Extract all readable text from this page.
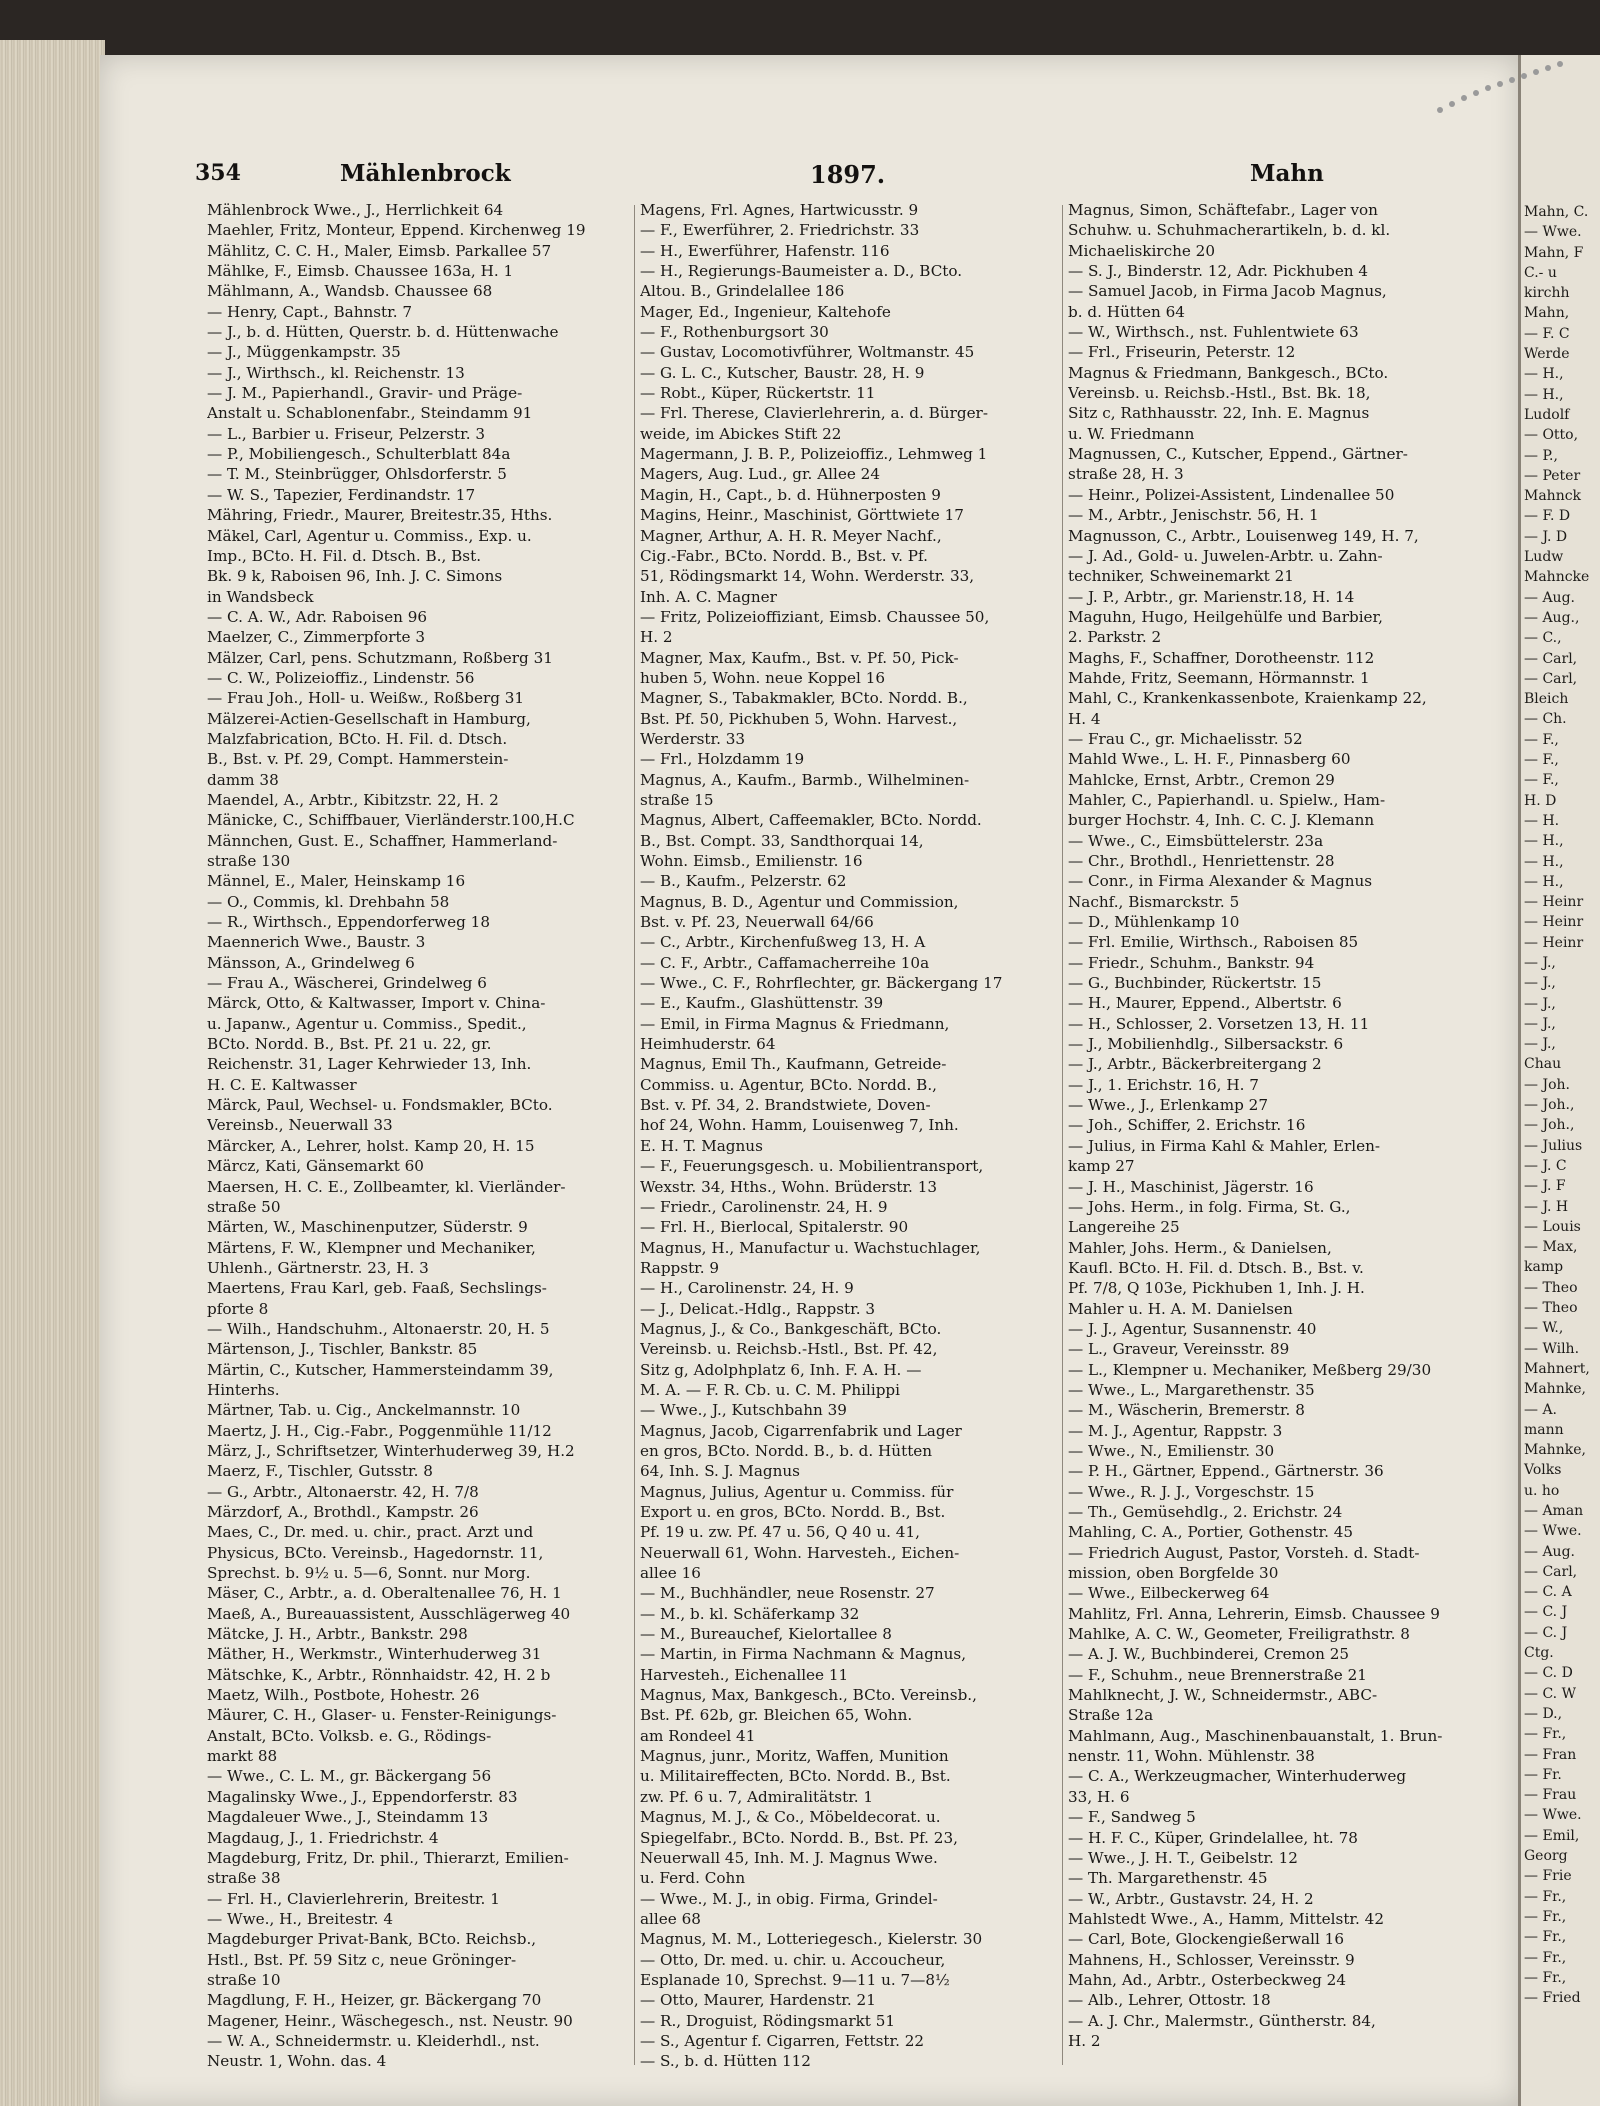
Mahn, C.
— Wwe.
Mahn, F
C.- u
kirchh
Mahn,
— F. C
Werde
— H.,
— H.,
Ludolf
— Otto,
— P.,
— Peter
Mahnck
— F. D
— J. D
Ludw
Mahncke
— Aug.
— Aug.,
— C.,
— Carl,
— Carl,
Bleich
— Ch.
— F.,
— F.,
— F.,
H. D
— H.
— H.,
— H.,
— H.,
— Heinr
— Heinr
— Heinr
— J.,
— J.,
— J.,
— J.,
— J.,
Chau
— Joh.
— Joh.,
— Joh.,
— Julius
— J. C
— J. F
— J. H
— Louis
— Max,
kamp
— Theo
— Theo
— W.,
— Wilh.
Mahnert,
Mahnke,
— A.
mann
Mahnke,
Volks
u. ho
— Aman
— Wwe.
— Aug.
— Carl,
— C. A
— C. J
— C. J
Ctg.
— C. D
— C. W
— D.,
— Fr.,
— Fran
— Fr.
— Frau
— Wwe.
— Emil,
Georg
— Frie
— Fr.,
— Fr.,
— Fr.,
— Fr.,
— Fr.,
— Fried
354	Mählenbrock	1897.	Mahn
Mählenbrock Wwe., J., Herrlichkeit 64
Maehler, Fritz, Monteur, Eppend. Kirchenweg 19
Mählitz, C. C. H., Maler, Eimsb. Parkallee 57
Mählke, F., Eimsb. Chaussee 163a, H. 1
Mählmann, A., Wandsb. Chaussee 68
— Henry, Capt., Bahnstr. 7
— J., b. d. Hütten, Querstr. b. d. Hüttenwache
— J., Müggenkampstr. 35
— J., Wirthsch., kl. Reichenstr. 13
— J. M., Papierhandl., Gravir- und Präge-
Anstalt u. Schablonenfabr., Steindamm 91
— L., Barbier u. Friseur, Pelzerstr. 3
— P., Mobiliengesch., Schulterblatt 84a
— T. M., Steinbrügger, Ohlsdorferstr. 5
— W. S., Tapezier, Ferdinandstr. 17
Mähring, Friedr., Maurer, Breitestr.35, Hths.
Mäkel, Carl, Agentur u. Commiss., Exp. u.
Imp., BCto. H. Fil. d. Dtsch. B., Bst.
Bk. 9 k, Raboisen 96, Inh. J. C. Simons
in Wandsbeck
— C. A. W., Adr. Raboisen 96
Maelzer, C., Zimmerpforte 3
Mälzer, Carl, pens. Schutzmann, Roßberg 31
— C. W., Polizeioffiz., Lindenstr. 56
— Frau Joh., Holl- u. Weißw., Roßberg 31
Mälzerei-Actien-Gesellschaft in Hamburg,
Malzfabrication, BCto. H. Fil. d. Dtsch.
B., Bst. v. Pf. 29, Compt. Hammerstein-
damm 38
Maendel, A., Arbtr., Kibitzstr. 22, H. 2
Mänicke, C., Schiffbauer, Vierländerstr.100,H.C
Männchen, Gust. E., Schaffner, Hammerland-
straße 130
Männel, E., Maler, Heinskamp 16
— O., Commis, kl. Drehbahn 58
— R., Wirthsch., Eppendorferweg 18
Maennerich Wwe., Baustr. 3
Mänsson, A., Grindelweg 6
— Frau A., Wäscherei, Grindelweg 6
Märck, Otto, & Kaltwasser, Import v. China-
u. Japanw., Agentur u. Commiss., Spedit.,
BCto. Nordd. B., Bst. Pf. 21 u. 22, gr.
Reichenstr. 31, Lager Kehrwieder 13, Inh.
H. C. E. Kaltwasser
Märck, Paul, Wechsel- u. Fondsmakler, BCto.
Vereinsb., Neuerwall 33
Märcker, A., Lehrer, holst. Kamp 20, H. 15
Märcz, Kati, Gänsemarkt 60
Maersen, H. C. E., Zollbeamter, kl. Vierländer-
straße 50
Märten, W., Maschinenputzer, Süderstr. 9
Märtens, F. W., Klempner und Mechaniker,
Uhlenh., Gärtnerstr. 23, H. 3
Maertens, Frau Karl, geb. Faaß, Sechslings-
pforte 8
— Wilh., Handschuhm., Altonaerstr. 20, H. 5
Märtenson, J., Tischler, Bankstr. 85
Märtin, C., Kutscher, Hammersteindamm 39,
Hinterhs.
Märtner, Tab. u. Cig., Anckelmannstr. 10
Maertz, J. H., Cig.-Fabr., Poggenmühle 11/12
März, J., Schriftsetzer, Winterhuderweg 39, H.2
Maerz, F., Tischler, Gutsstr. 8
— G., Arbtr., Altonaerstr. 42, H. 7/8
Märzdorf, A., Brothdl., Kampstr. 26
Maes, C., Dr. med. u. chir., pract. Arzt und
Physicus, BCto. Vereinsb., Hagedornstr. 11,
Sprechst. b. 9½ u. 5—6, Sonnt. nur Morg.
Mäser, C., Arbtr., a. d. Oberaltenallee 76, H. 1
Maeß, A., Bureauassistent, Ausschlägerweg 40
Mätcke, J. H., Arbtr., Bankstr. 298
Mäther, H., Werkmstr., Winterhuderweg 31
Mätschke, K., Arbtr., Rönnhaidstr. 42, H. 2 b
Maetz, Wilh., Postbote, Hohestr. 26
Mäurer, C. H., Glaser- u. Fenster-Reinigungs-
Anstalt, BCto. Volksb. e. G., Rödings-
markt 88
— Wwe., C. L. M., gr. Bäckergang 56
Magalinsky Wwe., J., Eppendorferstr. 83
Magdaleuer Wwe., J., Steindamm 13
Magdaug, J., 1. Friedrichstr. 4
Magdeburg, Fritz, Dr. phil., Thierarzt, Emilien-
straße 38
— Frl. H., Clavierlehrerin, Breitestr. 1
— Wwe., H., Breitestr. 4
Magdeburger Privat-Bank, BCto. Reichsb.,
Hstl., Bst. Pf. 59 Sitz c, neue Gröninger-
straße 10
Magdlung, F. H., Heizer, gr. Bäckergang 70
Magener, Heinr., Wäschegesch., nst. Neustr. 90
— W. A., Schneidermstr. u. Kleiderhdl., nst.
Neustr. 1, Wohn. das. 4
Magens, Frl. Agnes, Hartwicusstr. 9
— F., Ewerführer, 2. Friedrichstr. 33
— H., Ewerführer, Hafenstr. 116
— H., Regierungs-Baumeister a. D., BCto.
Altou. B., Grindelallee 186
Mager, Ed., Ingenieur, Kaltehofe
— F., Rothenburgsort 30
— Gustav, Locomotivführer, Woltmanstr. 45
— G. L. C., Kutscher, Baustr. 28, H. 9
— Robt., Küper, Rückertstr. 11
— Frl. Therese, Clavierlehrerin, a. d. Bürger-
weide, im Abickes Stift 22
Magermann, J. B. P., Polizeioffiz., Lehmweg 1
Magers, Aug. Lud., gr. Allee 24
Magin, H., Capt., b. d. Hühnerposten 9
Magins, Heinr., Maschinist, Görttwiete 17
Magner, Arthur, A. H. R. Meyer Nachf.,
Cig.-Fabr., BCto. Nordd. B., Bst. v. Pf.
51, Rödingsmarkt 14, Wohn. Werderstr. 33,
Inh. A. C. Magner
— Fritz, Polizeioffiziant, Eimsb. Chaussee 50,
H. 2
Magner, Max, Kaufm., Bst. v. Pf. 50, Pick-
huben 5, Wohn. neue Koppel 16
Magner, S., Tabakmakler, BCto. Nordd. B.,
Bst. Pf. 50, Pickhuben 5, Wohn. Harvest.,
Werderstr. 33
— Frl., Holzdamm 19
Magnus, A., Kaufm., Barmb., Wilhelminen-
straße 15
Magnus, Albert, Caffeemakler, BCto. Nordd.
B., Bst. Compt. 33, Sandthorquai 14,
Wohn. Eimsb., Emilienstr. 16
— B., Kaufm., Pelzerstr. 62
Magnus, B. D., Agentur und Commission,
Bst. v. Pf. 23, Neuerwall 64/66
— C., Arbtr., Kirchenfußweg 13, H. A
— C. F., Arbtr., Caffamacherreihe 10a
— Wwe., C. F., Rohrflechter, gr. Bäckergang 17
— E., Kaufm., Glashüttenstr. 39
— Emil, in Firma Magnus & Friedmann,
Heimhuderstr. 64
Magnus, Emil Th., Kaufmann, Getreide-
Commiss. u. Agentur, BCto. Nordd. B.,
Bst. v. Pf. 34, 2. Brandstwiete, Doven-
hof 24, Wohn. Hamm, Louisenweg 7, Inh.
E. H. T. Magnus
— F., Feuerungsgesch. u. Mobilientransport,
Wexstr. 34, Hths., Wohn. Brüderstr. 13
— Friedr., Carolinenstr. 24, H. 9
— Frl. H., Bierlocal, Spitalerstr. 90
Magnus, H., Manufactur u. Wachstuchlager,
Rappstr. 9
— H., Carolinenstr. 24, H. 9
— J., Delicat.-Hdlg., Rappstr. 3
Magnus, J., & Co., Bankgeschäft, BCto.
Vereinsb. u. Reichsb.-Hstl., Bst. Pf. 42,
Sitz g, Adolphplatz 6, Inh. F. A. H. —
M. A. — F. R. Cb. u. C. M. Philippi
— Wwe., J., Kutschbahn 39
Magnus, Jacob, Cigarrenfabrik und Lager
en gros, BCto. Nordd. B., b. d. Hütten
64, Inh. S. J. Magnus
Magnus, Julius, Agentur u. Commiss. für
Export u. en gros, BCto. Nordd. B., Bst.
Pf. 19 u. zw. Pf. 47 u. 56, Q 40 u. 41,
Neuerwall 61, Wohn. Harvesteh., Eichen-
allee 16
— M., Buchhändler, neue Rosenstr. 27
— M., b. kl. Schäferkamp 32
— M., Bureauchef, Kielortallee 8
— Martin, in Firma Nachmann & Magnus,
Harvesteh., Eichenallee 11
Magnus, Max, Bankgesch., BCto. Vereinsb.,
Bst. Pf. 62b, gr. Bleichen 65, Wohn.
am Rondeel 41
Magnus, junr., Moritz, Waffen, Munition
u. Militaireffecten, BCto. Nordd. B., Bst.
zw. Pf. 6 u. 7, Admiralitätstr. 1
Magnus, M. J., & Co., Möbeldecorat. u.
Spiegelfabr., BCto. Nordd. B., Bst. Pf. 23,
Neuerwall 45, Inh. M. J. Magnus Wwe.
u. Ferd. Cohn
— Wwe., M. J., in obig. Firma, Grindel-
allee 68
Magnus, M. M., Lotteriegesch., Kielerstr. 30
— Otto, Dr. med. u. chir. u. Accoucheur,
Esplanade 10, Sprechst. 9—11 u. 7—8½
— Otto, Maurer, Hardenstr. 21
— R., Droguist, Rödingsmarkt 51
— S., Agentur f. Cigarren, Fettstr. 22
— S., b. d. Hütten 112
Magnus, Simon, Schäftefabr., Lager von
Schuhw. u. Schuhmacherartikeln, b. d. kl.
Michaeliskirche 20
— S. J., Binderstr. 12, Adr. Pickhuben 4
— Samuel Jacob, in Firma Jacob Magnus,
b. d. Hütten 64
— W., Wirthsch., nst. Fuhlentwiete 63
— Frl., Friseurin, Peterstr. 12
Magnus & Friedmann, Bankgesch., BCto.
Vereinsb. u. Reichsb.-Hstl., Bst. Bk. 18,
Sitz c, Rathhausstr. 22, Inh. E. Magnus
u. W. Friedmann
Magnussen, C., Kutscher, Eppend., Gärtner-
straße 28, H. 3
— Heinr., Polizei-Assistent, Lindenallee 50
— M., Arbtr., Jenischstr. 56, H. 1
Magnusson, C., Arbtr., Louisenweg 149, H. 7,
— J. Ad., Gold- u. Juwelen-Arbtr. u. Zahn-
techniker, Schweinemarkt 21
— J. P., Arbtr., gr. Marienstr.18, H. 14
Maguhn, Hugo, Heilgehülfe und Barbier,
2. Parkstr. 2
Maghs, F., Schaffner, Dorotheenstr. 112
Mahde, Fritz, Seemann, Hörmannstr. 1
Mahl, C., Krankenkassenbote, Kraienkamp 22,
H. 4
— Frau C., gr. Michaelisstr. 52
Mahld Wwe., L. H. F., Pinnasberg 60
Mahlcke, Ernst, Arbtr., Cremon 29
Mahler, C., Papierhandl. u. Spielw., Ham-
burger Hochstr. 4, Inh. C. C. J. Klemann
— Wwe., C., Eimsbüttelerstr. 23a
— Chr., Brothdl., Henriettenstr. 28
— Conr., in Firma Alexander & Magnus
Nachf., Bismarckstr. 5
— D., Mühlenkamp 10
— Frl. Emilie, Wirthsch., Raboisen 85
— Friedr., Schuhm., Bankstr. 94
— G., Buchbinder, Rückertstr. 15
— H., Maurer, Eppend., Albertstr. 6
— H., Schlosser, 2. Vorsetzen 13, H. 11
— J., Mobilienhdlg., Silbersackstr. 6
— J., Arbtr., Bäckerbreitergang 2
— J., 1. Erichstr. 16, H. 7
— Wwe., J., Erlenkamp 27
— Joh., Schiffer, 2. Erichstr. 16
— Julius, in Firma Kahl & Mahler, Erlen-
kamp 27
— J. H., Maschinist, Jägerstr. 16
— Johs. Herm., in folg. Firma, St. G.,
Langereihe 25
Mahler, Johs. Herm., & Danielsen,
Kaufl. BCto. H. Fil. d. Dtsch. B., Bst. v.
Pf. 7/8, Q 103e, Pickhuben 1, Inh. J. H.
Mahler u. H. A. M. Danielsen
— J. J., Agentur, Susannenstr. 40
— L., Graveur, Vereinsstr. 89
— L., Klempner u. Mechaniker, Meßberg 29/30
— Wwe., L., Margarethenstr. 35
— M., Wäscherin, Bremerstr. 8
— M. J., Agentur, Rappstr. 3
— Wwe., N., Emilienstr. 30
— P. H., Gärtner, Eppend., Gärtnerstr. 36
— Wwe., R. J. J., Vorgeschstr. 15
— Th., Gemüsehdlg., 2. Erichstr. 24
Mahling, C. A., Portier, Gothenstr. 45
— Friedrich August, Pastor, Vorsteh. d. Stadt-
mission, oben Borgfelde 30
— Wwe., Eilbeckerweg 64
Mahlitz, Frl. Anna, Lehrerin, Eimsb. Chaussee 9
Mahlke, A. C. W., Geometer, Freiligrathstr. 8
— A. J. W., Buchbinderei, Cremon 25
— F., Schuhm., neue Brennerstraße 21
Mahlknecht, J. W., Schneidermstr., ABC-
Straße 12a
Mahlmann, Aug., Maschinenbauanstalt, 1. Brun-
nenstr. 11, Wohn. Mühlenstr. 38
— C. A., Werkzeugmacher, Winterhuderweg
33, H. 6
— F., Sandweg 5
— H. F. C., Küper, Grindelallee, ht. 78
— Wwe., J. H. T., Geibelstr. 12
— Th. Margarethenstr. 45
— W., Arbtr., Gustavstr. 24, H. 2
Mahlstedt Wwe., A., Hamm, Mittelstr. 42
— Carl, Bote, Glockengießerwall 16
Mahnens, H., Schlosser, Vereinsstr. 9
Mahn, Ad., Arbtr., Osterbeckweg 24
— Alb., Lehrer, Ottostr. 18
— A. J. Chr., Malermstr., Güntherstr. 84,
H. 2
